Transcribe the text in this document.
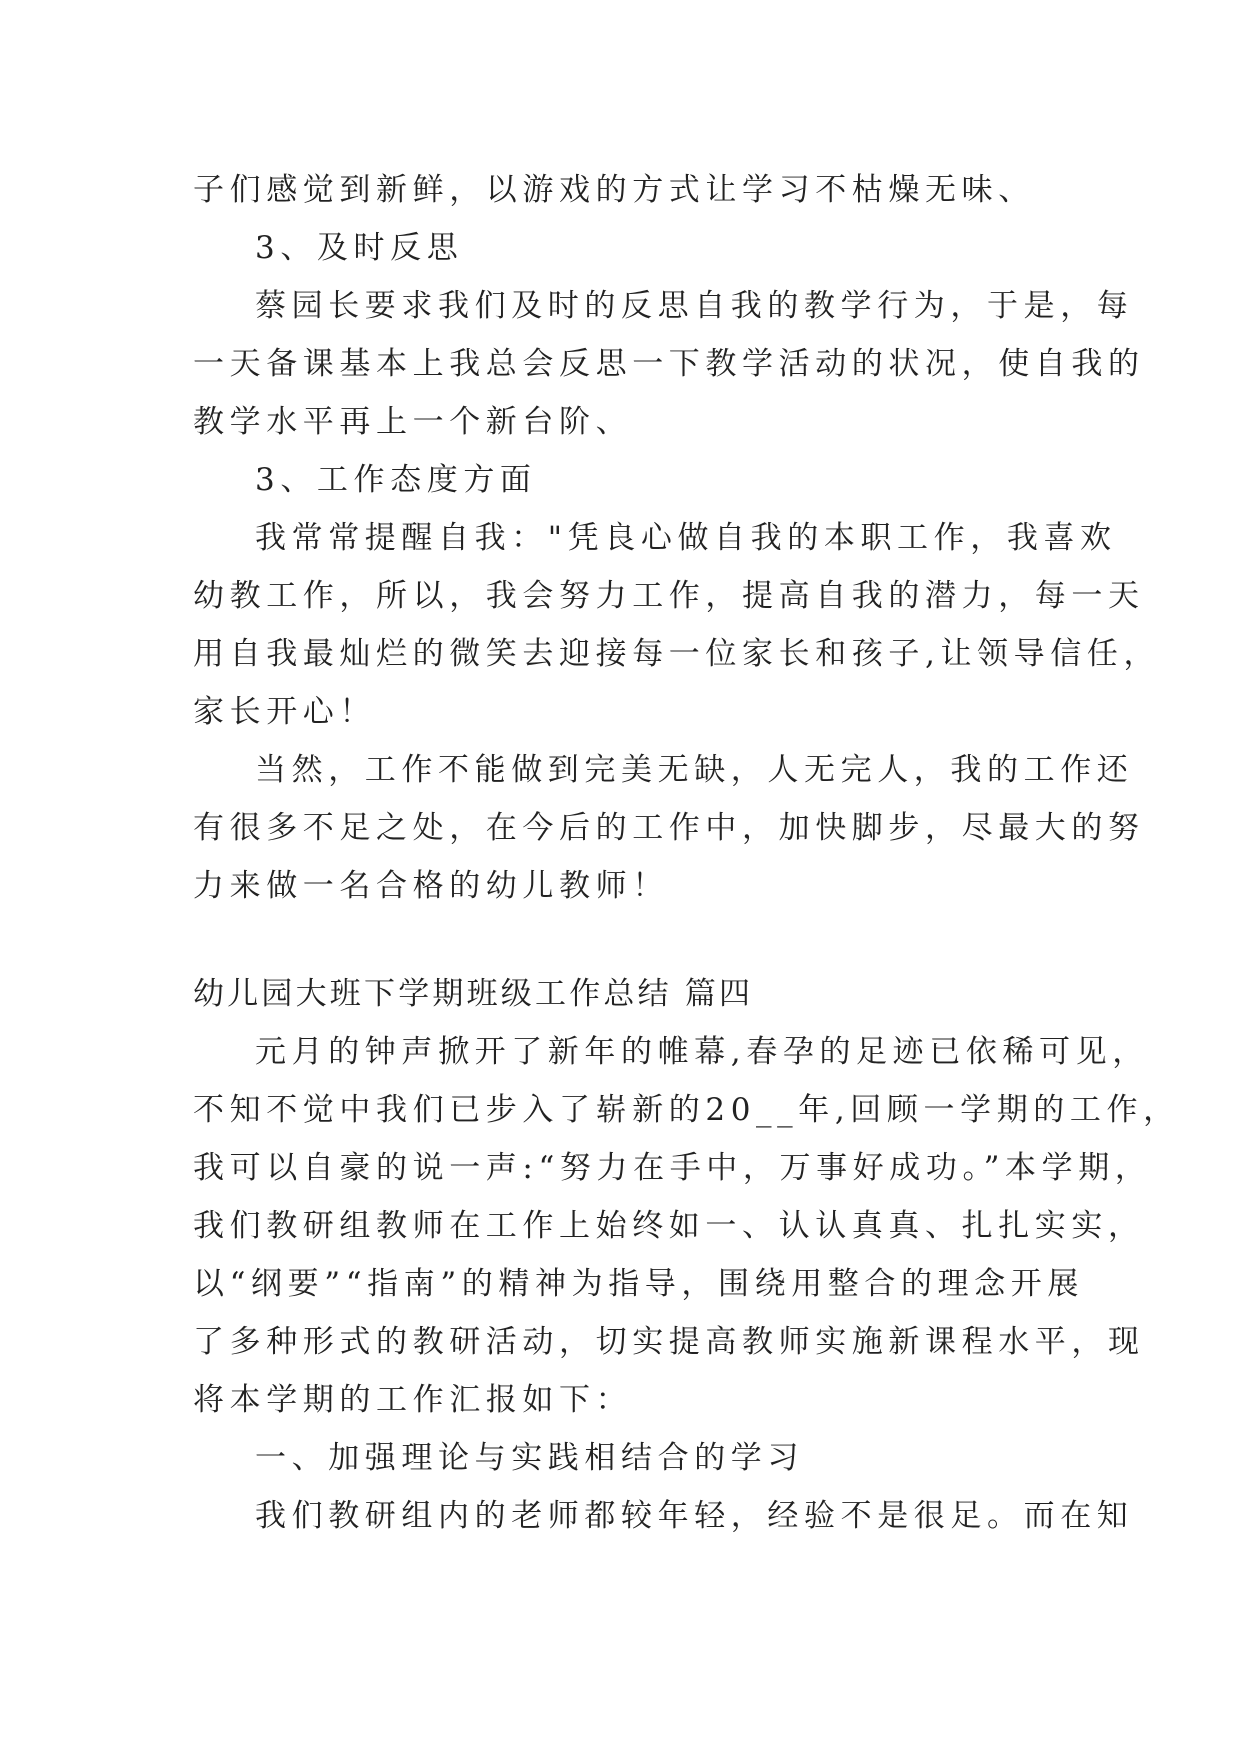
子们感觉到新鲜，以游戏的方式让学习不枯燥无味、

3、及时反思

蔡园长要求我们及时的反思自我的教学行为，于是，每

一天备课基本上我总会反思一下教学活动的状况，使自我的

教学水平再上一个新台阶、

3、工作态度方面

我常常提醒自我："凭良心做自我的本职工作，我喜欢

幼教工作，所以，我会努力工作，提高自我的潜力，每一天

用自我最灿烂的微笑去迎接每一位家长和孩子,让领导信任，

家长开心！

当然，工作不能做到完美无缺，人无完人，我的工作还

有很多不足之处，在今后的工作中，加快脚步，尽最大的努

力来做一名合格的幼儿教师！

幼儿园大班下学期班级工作总结 篇四

元月的钟声掀开了新年的帷幕,春孕的足迹已依稀可见，

不知不觉中我们已步入了崭新的20__年,回顾一学期的工作，

我可以自豪的说一声:“努力在手中，万事好成功。”本学期，

我们教研组教师在工作上始终如一、认认真真、扎扎实实，

以“纲要”“指南”的精神为指导，围绕用整合的理念开展

了多种形式的教研活动，切实提高教师实施新课程水平，现

将本学期的工作汇报如下：

一、加强理论与实践相结合的学习

我们教研组内的老师都较年轻，经验不是很足。而在知
